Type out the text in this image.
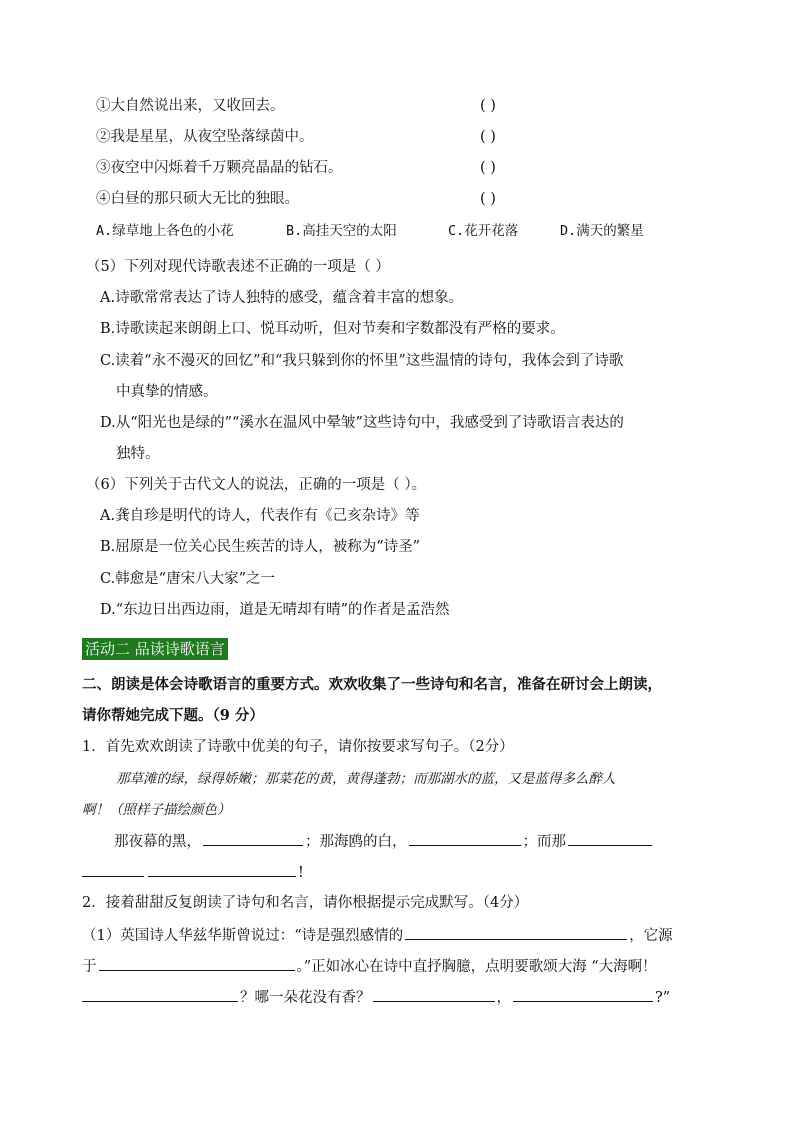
①大自然说出来，又收回去。	( )
②我是星星，从夜空坠落绿茵中。	( )
③夜空中闪烁着千万颗亮晶晶的钻石。	( )
④白昼的那只硕大无比的独眼。	( )
A.绿草地上各色的小花	B.高挂天空的太阳	C.花开花落	D.满天的繁星
（5）下列对现代诗歌表述不正确的一项是（ ）
A.诗歌常常表达了诗人独特的感受，蕴含着丰富的想象。
B.诗歌读起来朗朗上口、悦耳动听，但对节奏和字数都没有严格的要求。
C.读着“永不漫灭的回忆”和“我只躲到你的怀里”这些温情的诗句，我体会到了诗歌
中真挚的情感。
D.从“阳光也是绿的”“溪水在温风中晕皱”这些诗句中，我感受到了诗歌语言表达的
独特。
（6）下列关于古代文人的说法，正确的一项是（ ）。
A.龚自珍是明代的诗人，代表作有《己亥杂诗》等
B.屈原是一位关心民生疾苦的诗人，被称为“诗圣”
C.韩愈是“唐宋八大家”之一
D.“东边日出西边雨，道是无晴却有晴”的作者是孟浩然
活动二 品读诗歌语言
二、朗读是体会诗歌语言的重要方式。欢欢收集了一些诗句和名言，准备在研讨会上朗读，
请你帮她完成下题。（9 分）
1．首先欢欢朗读了诗歌中优美的句子，请你按要求写句子。（2分）
那草滩的绿，绿得娇嫩；那菜花的黄，黄得蓬勃；而那湖水的蓝，又是蓝得多么醉人
啊！（照样子描绘颜色）
那夜幕的黑，	；那海鸥的白，	；而那
!
2．接着甜甜反复朗读了诗句和名言，请你根据提示完成默写。（4分）
（1）英国诗人华兹华斯曾说过：“诗是强烈感情的	，它源
于	。”正如冰心在诗中直抒胸臆，点明要歌颂大海 “大海啊！
？哪一朵花没有香？	，	?”
